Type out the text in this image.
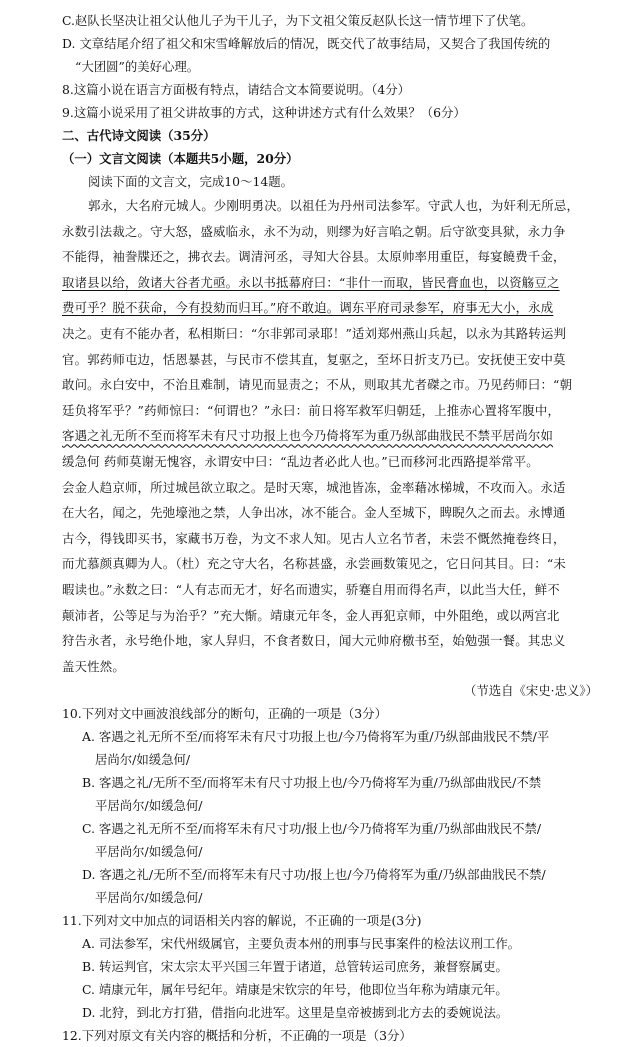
C.赵队长坚决让祖父认他儿子为干儿子，为下文祖父策反赵队长这一情节埋下了伏笔。
D. 文章结尾介绍了祖父和宋雪峰解放后的情况，既交代了故事结局，又契合了我国传统的
“大团圆”的美好心理。
8.这篇小说在语言方面极有特点，请结合文本简要说明。（4分）
9.这篇小说采用了祖父讲故事的方式，这种讲述方式有什么效果？（6分）
二、古代诗文阅读（35分）
（一）文言文阅读（本题共5小题，20分）
阅读下面的文言文，完成10～14题。
郭永，大名府元城人。少刚明勇决。以祖任为丹州司法参军。守武人也，为奸利无所忌，
永数引法裁之。守大怒，盛威临永，永不为动，则缪为好言啗之朝。后守欲变具狱，永力争
不能得，袖誊牒还之，拂衣去。调清河丞，寻知大谷县。太原帅率用重臣，每宴饒费千金，
取诸县以给，敛诸大谷者尤亟。永以书抵幕府曰：“非什一而取，皆民膏血也，以资觞豆之
费可乎？脱不获命，今有投劾而归耳。”府不敢迫。调东平府司录参军，府事无大小，永成
决之。吏有不能办者，私相斯曰：“尔非郭司录耶！”适刘郑州燕山兵起，以永为其路转运判
官。郭药师屯边，恬恩暴甚，与民市不偿其直，复驱之，至坏日折支乃已。安抚使王安中莫
敢问。永白安中，不治且难制，请见而显责之；不从，则取其尤者磔之市。乃见药师曰：“朝
廷负将军乎？”药师惊曰：“何谓也？”永曰：前日将军救军归朝廷，上推赤心置将军腹中，
客遇之礼无所不至而将军未有尺寸功报上也今乃倚将军为重乃纵部曲戕民不禁平居尚尔如
缓急何 药师莫谢无愧容，永谓安中曰：“乱边者必此人也。”已而移河北西路提举常平。
会金人趋京师，所过城邑欲立取之。是时天寒，城池皆冻，金率藉冰梯城，不攻而入。永适
在大名，闻之，先弛壕池之禁，人争出冰，冰不能合。金人至城下，睥睨久之而去。永博通
古今，得钱即买书，家藏书万卷，为文不求人知。见古人立名节者，未尝不慨然掩卷终日，
而尤慕颜真卿为人。（杜）充之守大名，名称甚盛，永尝画数策见之，它日问其目。曰：“未
暇读也。”永数之曰：“人有志而无才，好名而遗实，骄蹇自用而得名声，以此当大任，鲜不
颠沛者，公等足与为治乎？”充大惭。靖康元年冬，金人再犯京师，中外阻绝，或以两宫北
狩告永者，永号绝仆地，家人舁归，不食者数日，闻大元帅府檄书至，始勉强一餐。其忠义
盖天性然。
（节选自《宋史·忠义》）
10.下列对文中画波浪线部分的断句，正确的一项是（3分）
A. 客遇之礼无所不至/而将军未有尺寸功报上也/今乃倚将军为重/乃纵部曲戕民不禁/平
居尚尔/如缓急何/
B. 客遇之礼/无所不至/而将军未有尺寸功报上也/今乃倚将军为重/乃纵部曲戕民/不禁
平居尚尔/如缓急何/
C. 客遇之礼无所不至/而将军未有尺寸功/报上也/今乃倚将军为重/乃纵部曲戕民不禁/
平居尚尔/如缓急何/
D. 客遇之礼/无所不至/而将军未有尺寸功/报上也/今乃倚将军为重/乃纵部曲戕民不禁/
平居尚尔/如缓急何/
11.下列对文中加点的词语相关内容的解说，不正确的一项是(3分)
A. 司法参军，宋代州级属官，主要负责本州的刑事与民事案件的检法议刑工作。
B. 转运判官，宋太宗太平兴国三年置于诸道，总管转运司庶务，兼督察属吏。
C. 靖康元年，属年号纪年。靖康是宋钦宗的年号，他即位当年称为靖康元年。
D. 北狩，到北方打猎，借指向北进军。这里是皇帝被掳到北方去的委婉说法。
12.下列对原文有关内容的概括和分析，不正确的一项是（3分）
